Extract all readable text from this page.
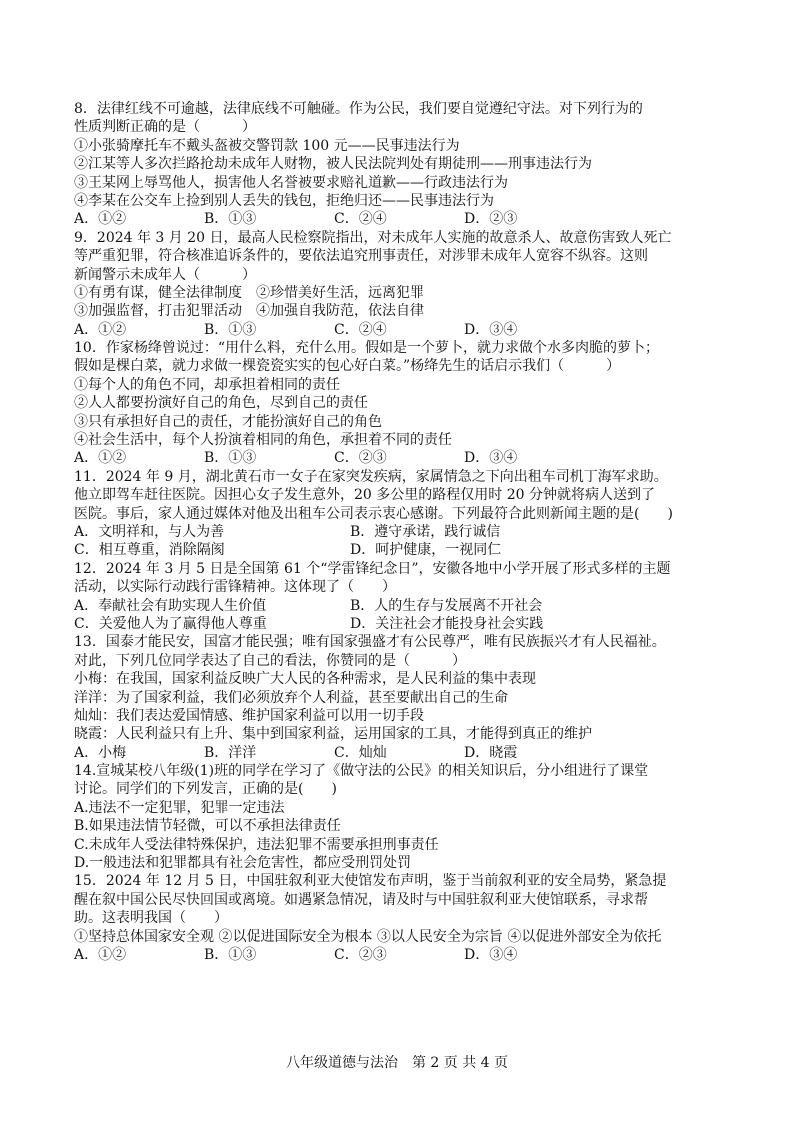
8．法律红线不可逾越，法律底线不可触碰。作为公民，我们要自觉遵纪守法。对下列行为的
性质判断正确的是（　　　）
①小张骑摩托车不戴头盔被交警罚款 100 元——民事违法行为
②江某等人多次拦路抢劫未成年人财物，被人民法院判处有期徒刑——刑事违法行为
③王某网上辱骂他人，损害他人名誉被要求赔礼道歉——行政违法行为
④李某在公交车上捡到别人丢失的钱包，拒绝归还——民事违法行为
A．①②	B．①③	C．②④	D．②③
9．2024 年 3 月 20 日，最高人民检察院指出，对未成年人实施的故意杀人、故意伤害致人死亡
等严重犯罪，符合核准追诉条件的，要依法追究刑事责任，对涉罪未成年人宽容不纵容。这则
新闻警示未成年人（　　　）
①有勇有谋，健全法律制度　②珍惜美好生活，远离犯罪
③加强监督，打击犯罪活动　④加强自我防范，依法自律
A．①②	B．①③	C．②④	D．③④
10．作家杨绛曾说过：“用什么料，充什么用。假如是一个萝卜，就力求做个水多肉脆的萝卜；
假如是棵白菜，就力求做一棵瓷瓷实实的包心好白菜。”杨绛先生的话启示我们（　　　）
①每个人的角色不同，却承担着相同的责任
②人人都要扮演好自己的角色，尽到自己的责任
③只有承担好自己的责任，才能扮演好自己的角色
④社会生活中，每个人扮演着相同的角色，承担着不同的责任
A．①②	B．①③	C．②③	D．③④
11．2024 年 9 月，湖北黄石市一女子在家突发疾病，家属情急之下向出租车司机丁海军求助。
他立即驾车赶往医院。因担心女子发生意外，20 多公里的路程仅用时 20 分钟就将病人送到了
医院。事后，家人通过媒体对他及出租车公司表示衷心感谢。下列最符合此则新闻主题的是(　　)
A．文明祥和，与人为善	B．遵守承诺，践行诚信
C．相互尊重，消除隔阂	D．呵护健康，一视同仁
12．2024 年 3 月 5 日是全国第 61 个“学雷锋纪念日”，安徽各地中小学开展了形式多样的主题
活动，以实际行动践行雷锋精神。这体现了（　　）
A．奉献社会有助实现人生价值	B．人的生存与发展离不开社会
C．关爱他人为了赢得他人尊重	D．关注社会才能投身社会实践
13．国泰才能民安，国富才能民强；唯有国家强盛才有公民尊严，唯有民族振兴才有人民福祉。
对此，下列几位同学表达了自己的看法，你赞同的是（　　　）
小梅：在我国，国家利益反映广大人民的各种需求，是人民利益的集中表现
洋洋：为了国家利益，我们必须放弃个人利益，甚至要献出自己的生命
灿灿：我们表达爱国情感、维护国家利益可以用一切手段
晓霞：人民利益只有上升、集中到国家利益，运用国家的工具，才能得到真正的维护
A．小梅	B．洋洋	C．灿灿	D．晓霞
14.宣城某校八年级(1)班的同学在学习了《做守法的公民》的相关知识后，分小组进行了课堂
讨论。同学们的下列发言，正确的是(　　)
A.违法不一定犯罪，犯罪一定违法
B.如果违法情节轻微，可以不承担法律责任
C.未成年人受法律特殊保护，违法犯罪不需要承担刑事责任
D.一般违法和犯罪都具有社会危害性，都应受刑罚处罚
15．2024 年 12 月 5 日，中国驻叙利亚大使馆发布声明，鉴于当前叙利亚的安全局势，紧急提
醒在叙中国公民尽快回国或离境。如遇紧急情况，请及时与中国驻叙利亚大使馆联系，寻求帮
助。这表明我国（　　）
①坚持总体国家安全观 ②以促进国际安全为根本 ③以人民安全为宗旨 ④以促进外部安全为依托
A．①②	B．①③	C．②③	D．③④
八年级道德与法治　第 2 页 共 4 页
